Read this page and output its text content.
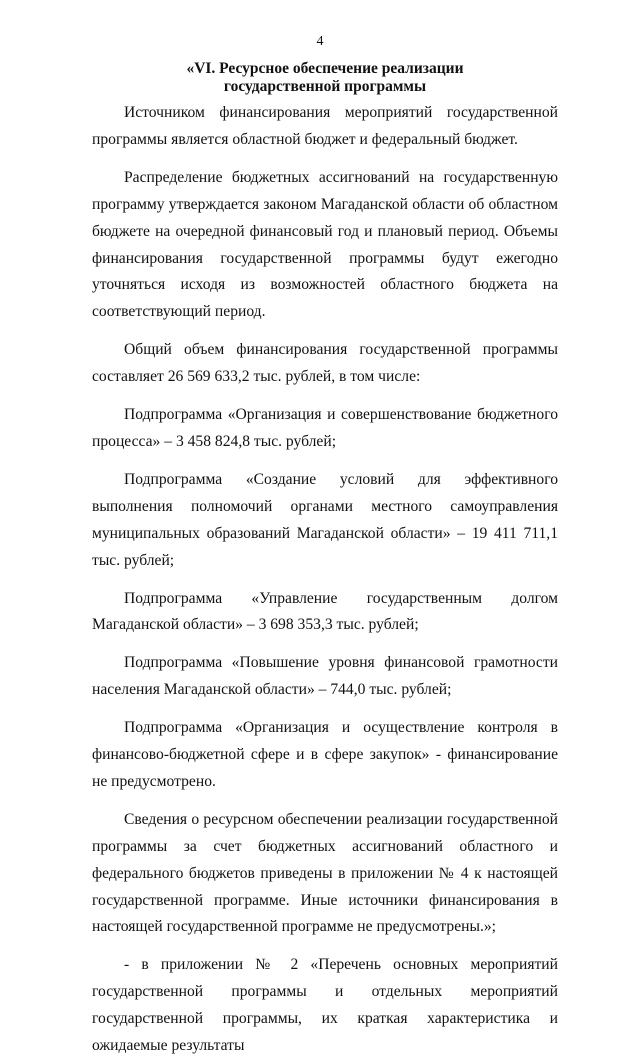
4
«VI. Ресурсное обеспечение реализации
государственной программы

Источником финансирования мероприятий государственной программы является областной бюджет и федеральный бюджет.

Распределение бюджетных ассигнований на государственную программу утверждается законом Магаданской области об областном бюджете на очередной финансовый год и плановый период. Объемы финансирования государственной программы будут ежегодно уточняться исходя из возможностей областного бюджета на соответствующий период.

Общий объем финансирования государственной программы составляет 26 569 633,2 тыс. рублей, в том числе:

Подпрограмма «Организация и совершенствование бюджетного процесса» – 3 458 824,8 тыс. рублей;

Подпрограмма «Создание условий для эффективного выполнения полномочий органами местного самоуправления муниципальных образований Магаданской области» – 19 411 711,1 тыс. рублей;

Подпрограмма «Управление государственным долгом Магаданской области» – 3 698 353,3 тыс. рублей;

Подпрограмма «Повышение уровня финансовой грамотности населения Магаданской области» – 744,0 тыс. рублей;

Подпрограмма «Организация и осуществление контроля в финансово-бюджетной сфере и в сфере закупок» - финансирование не предусмотрено.

Сведения о ресурсном обеспечении реализации государственной программы за счет бюджетных ассигнований областного и федерального бюджетов приведены в приложении № 4 к настоящей государственной программе. Иные источники финансирования в настоящей государственной программе не предусмотрены.»;

- в приложении № 2 «Перечень основных мероприятий государственной программы и отдельных мероприятий государственной программы, их краткая характеристика и ожидаемые результаты
